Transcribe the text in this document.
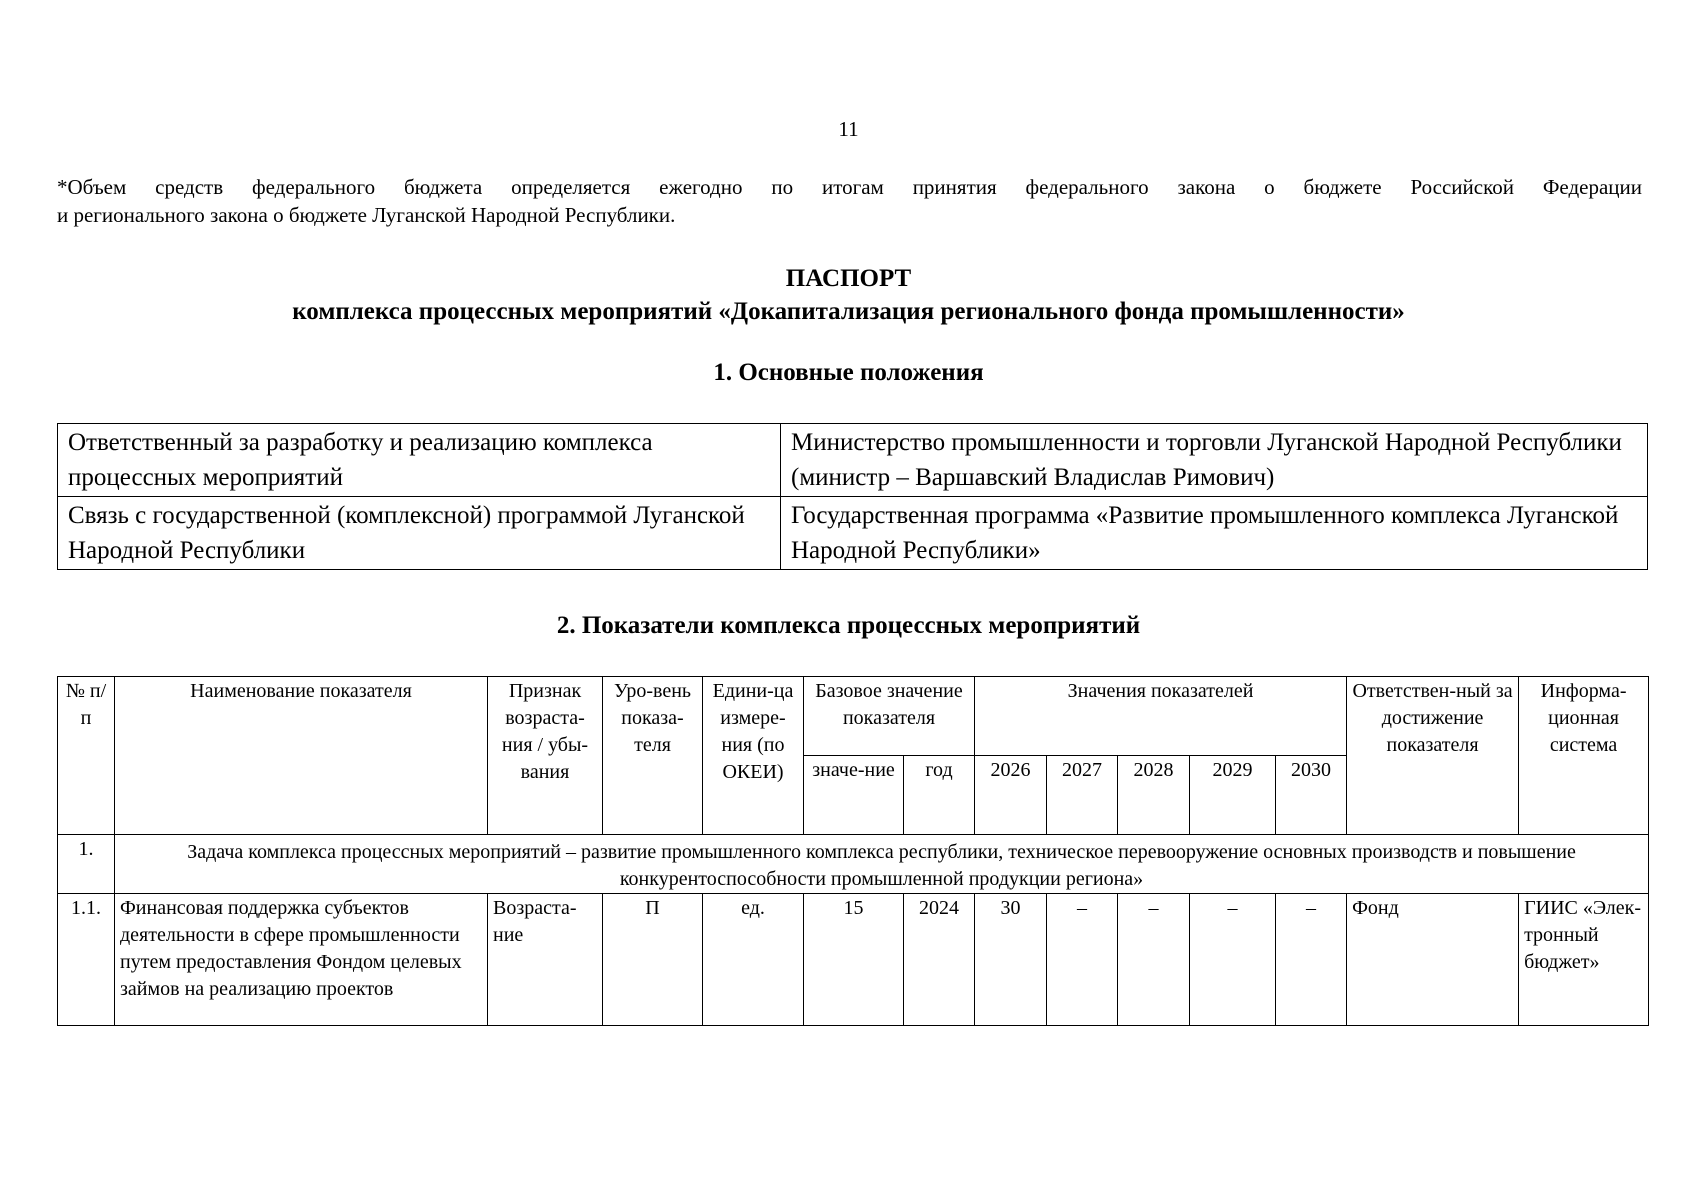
11

*Объем средств федерального бюджета определяется ежегодно по итогам принятия федерального закона о бюджете Российской Федерации

и регионального закона о бюджете Луганской Народной Республики.

ПАСПОРТ
комплекса процессных мероприятий «Докапитализация регионального фонда промышленности»
1. Основные положения
Ответственный за разработку и реализацию комплекса процессных мероприятий	Министерство промышленности и торговли Луганской Народной Республики (министр – Варшавский Владислав Римович)
Связь с государственной (комплексной) программой Луганской Народной Республики	Государственная программа «Развитие промышленного комплекса Луганской Народной Республики»
2. Показатели комплекса процессных мероприятий
№ п/п	Наименование показателя	Признак возраста-ния / убы-вания	Уро-вень показа-теля	Едини-ца измере-ния (по ОКЕИ)	Базовое значение показателя		Значения показателей					Ответствен-ный за достижение показателя	Информа-ционная система
					значе-ние	год	2026	2027	2028	2029	2030		
1.	Задача комплекса процессных мероприятий – развитие промышленного комплекса республики, техническое перевооружение основных производств и повышение конкурентоспособности промышленной продукции региона»												
1.1.	Финансовая поддержка субъектов деятельности в сфере промышленности путем предоставления Фондом целевых займов на реализацию проектов	Возраста-ние	П	ед.	15	2024	30	–	–	–	–	Фонд	ГИИС «Элек-тронный бюджет»
